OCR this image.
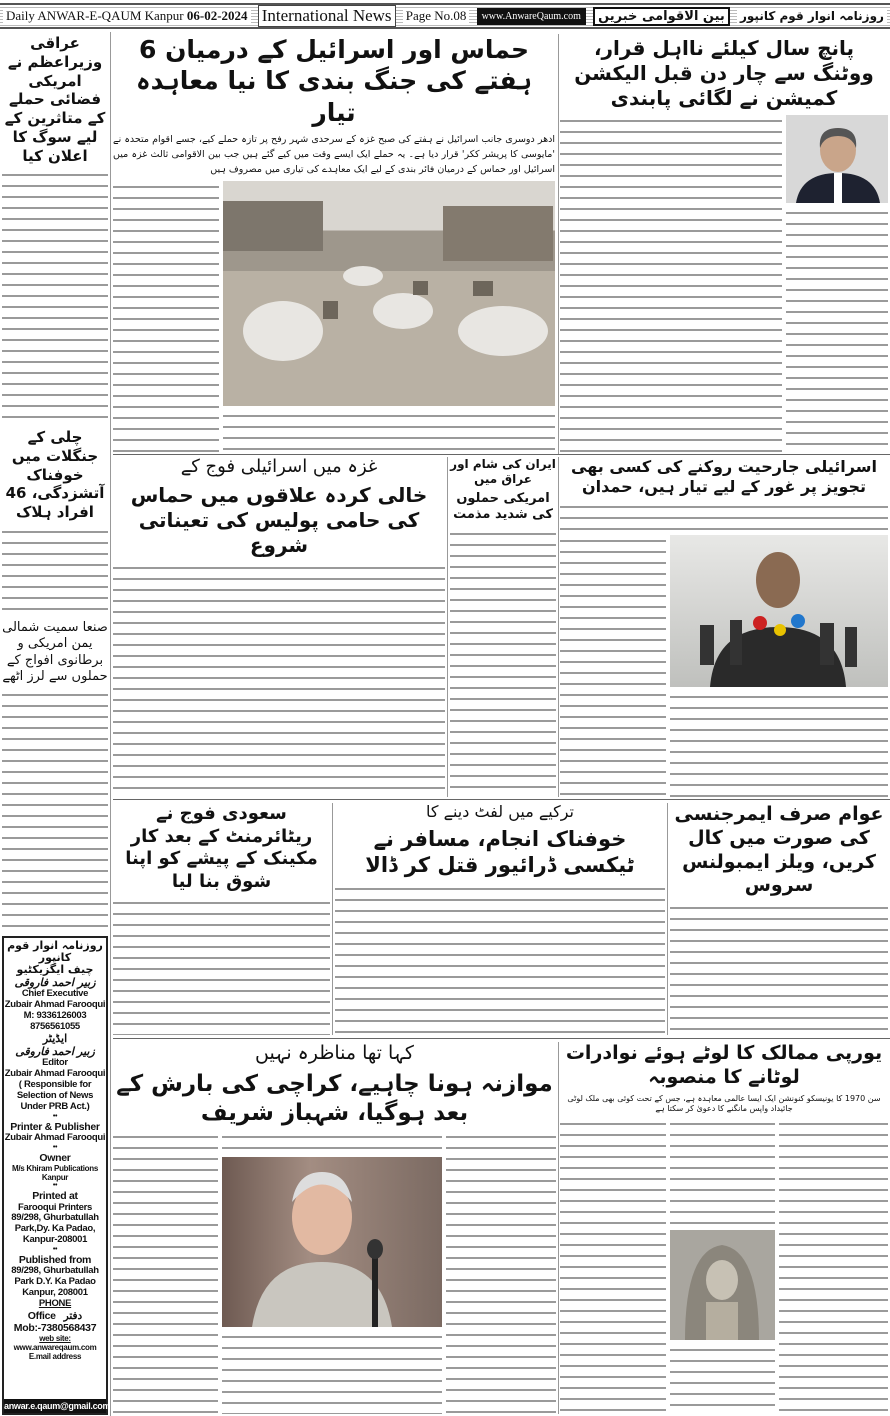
Daily ANWAR-E-QAUM Kanpur 06-02-2024 International News	Page No.08	www.AnwareQaum.com	بین الاقوامی خبریں	روزنامہ انوار قوم کانپور
عراقی وزیراعظم نے امریکی فضائی حملے کے متاثرین کے لیے سوگ کا اعلان کیا
چلی کے جنگلات میں خوفناک آتشزدگی، 46 افراد ہلاک
صنعا سمیت شمالی یمن امریکی و برطانوی افواج کے حملوں سے لرز اٹھے
روزنامہ انوار قوم کانپور
چیف ایگزیکٹیو
زبیر احمد فاروقی
Chief Executive
Zubair Ahmad Farooqui
M: 9336126003
8756561055
ایڈیٹر
زبیر احمد فاروقی
Editor
Zubair Ahmad Farooqui
( Responsible for Selection of News Under PRB Act.)
••
Printer & Publisher
Zubair Ahmad Farooqui
••
Owner
M/s Khiram Publications Kanpur
••
Printed at
Farooqui Printers 89/298, Ghurbatullah Park,Dy. Ka Padao, Kanpur-208001
••
Published from
89/298, Ghurbatullah Park D.Y. Ka Padao Kanpur, 208001
PHONE
Office دفتر
Mob:-7380568437
web site:
www.anwareqaum.com
E.mail address
anwar.e.qaum@gmail.com
حماس اور اسرائیل کے درمیان 6 ہفتے کی جنگ بندی کا نیا معاہدہ تیار
ادھر دوسری جانب اسرائیل نے ہفتے کی صبح غزہ کے سرحدی شہر رفح پر تازہ حملے کیے، جسے اقوام متحدہ نے 'مایوسی کا پریشر ککر' قرار دیا ہے۔ یہ حملے ایک ایسے وقت میں کیے گئے ہیں جب بین الاقوامی ثالث غزہ میں اسرائیل اور حماس کے درمیان فائر بندی کے لیے ایک معاہدے کی تیاری میں مصروف ہیں
پانچ سال کیلئے نااہل قرار، ووٹنگ سے چار دن قبل الیکشن کمیشن نے لگائی پابندی
اسرائیلی جارحیت روکنے کی کسی بھی تجویز پر غور کے لیے تیار ہیں، حمدان
ایران کی شام اور عراق میں
امریکی حملوں کی شدید مذمت
غزہ میں اسرائیلی فوج کے
خالی کردہ علاقوں میں حماس کی حامی پولیس کی تعیناتی شروع
عوام صرف ایمرجنسی کی صورت میں کال کریں، ویلز ایمبولنس سروس
ترکیے میں لفٹ دینے کا
خوفناک انجام، مسافر نے ٹیکسی ڈرائیور قتل کر ڈالا
سعودی فوج نے ریٹائرمنٹ کے بعد کار مکینک کے پیشے کو اپنا شوق بنا لیا
یورپی ممالک کا لوٹے ہوئے نوادرات لوٹانے کا منصوبہ
سن 1970 کا یونیسکو کنونشن ایک ایسا عالمی معاہدہ ہے، جس کے تحت کوئی بھی ملک لوٹی جائیداد واپس مانگنے کا دعویٰ کر سکتا ہے
کہا تھا مناظرہ نہیں
موازنہ ہونا چاہیے، کراچی کی بارش کے بعد ہوگیا، شہباز شریف
